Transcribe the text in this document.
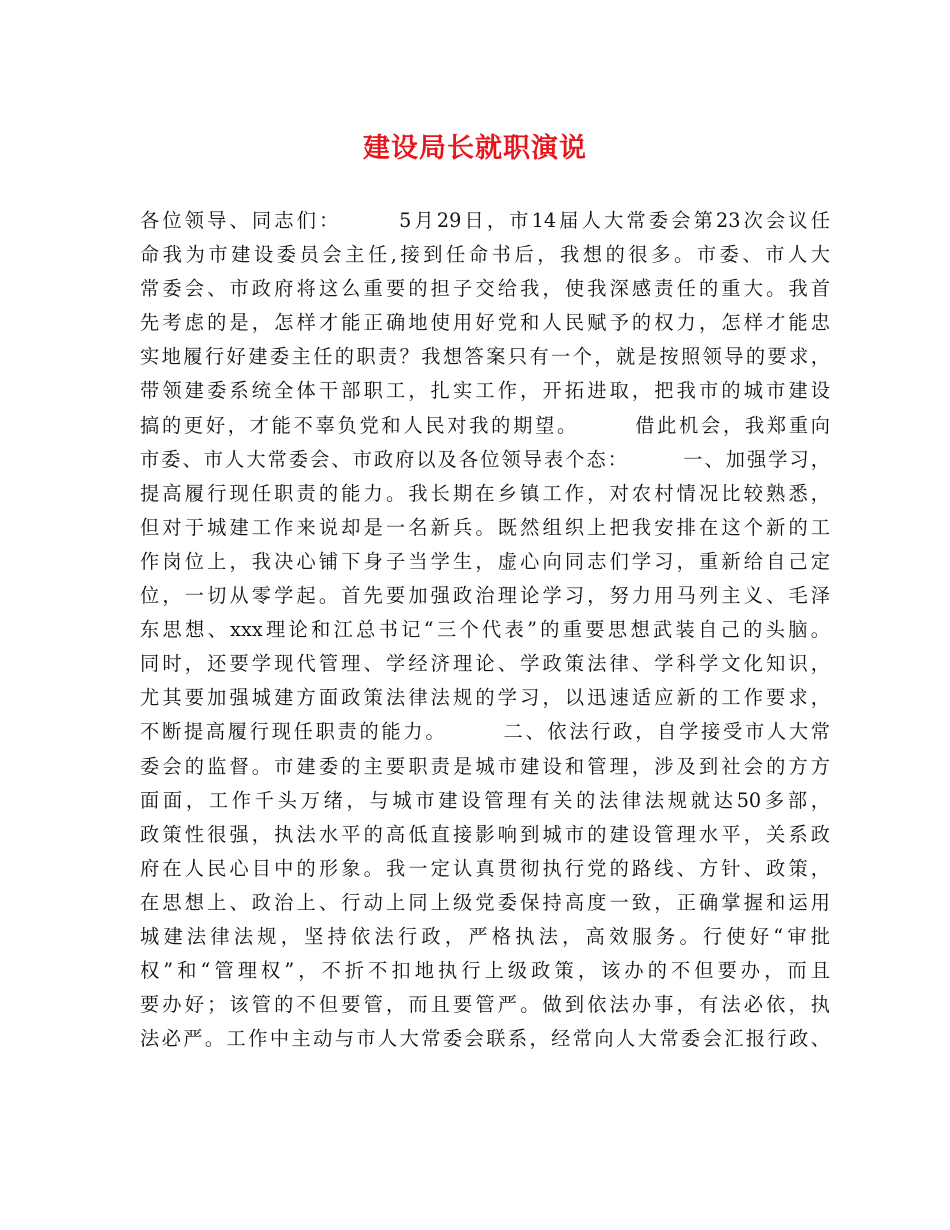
建设局长就职演说
各位领导、同志们：　　　5月29日，市14届人大常委会第23次会议任
命我为市建设委员会主任,接到任命书后，我想的很多。市委、市人大
常委会、市政府将这么重要的担子交给我，使我深感责任的重大。我首
先考虑的是，怎样才能正确地使用好党和人民赋予的权力，怎样才能忠
实地履行好建委主任的职责？我想答案只有一个，就是按照领导的要求，
带领建委系统全体干部职工，扎实工作，开拓进取，把我市的城市建设
搞的更好，才能不辜负党和人民对我的期望。　　　借此机会，我郑重向
市委、市人大常委会、市政府以及各位领导表个态：　　　一、加强学习，
提高履行现任职责的能力。我长期在乡镇工作，对农村情况比较熟悉，
但对于城建工作来说却是一名新兵。既然组织上把我安排在这个新的工
作岗位上，我决心铺下身子当学生，虚心向同志们学习，重新给自己定
位，一切从零学起。首先要加强政治理论学习，努力用马列主义、毛泽
东思想、xxx理论和江总书记“三个代表”的重要思想武装自己的头脑。
同时，还要学现代管理、学经济理论、学政策法律、学科学文化知识，
尤其要加强城建方面政策法律法规的学习，以迅速适应新的工作要求，
不断提高履行现任职责的能力。　　　二、依法行政，自学接受市人大常
委会的监督。市建委的主要职责是城市建设和管理，涉及到社会的方方
面面，工作千头万绪，与城市建设管理有关的法律法规就达50多部，
政策性很强，执法水平的高低直接影响到城市的建设管理水平，关系政
府在人民心目中的形象。我一定认真贯彻执行党的路线、方针、政策，
在思想上、政治上、行动上同上级党委保持高度一致，正确掌握和运用
城建法律法规，坚持依法行政，严格执法，高效服务。行使好“审批
权”和“管理权”，不折不扣地执行上级政策，该办的不但要办，而且
要办好；该管的不但要管，而且要管严。做到依法办事，有法必依，执
法必严。工作中主动与市人大常委会联系，经常向人大常委会汇报行政、
